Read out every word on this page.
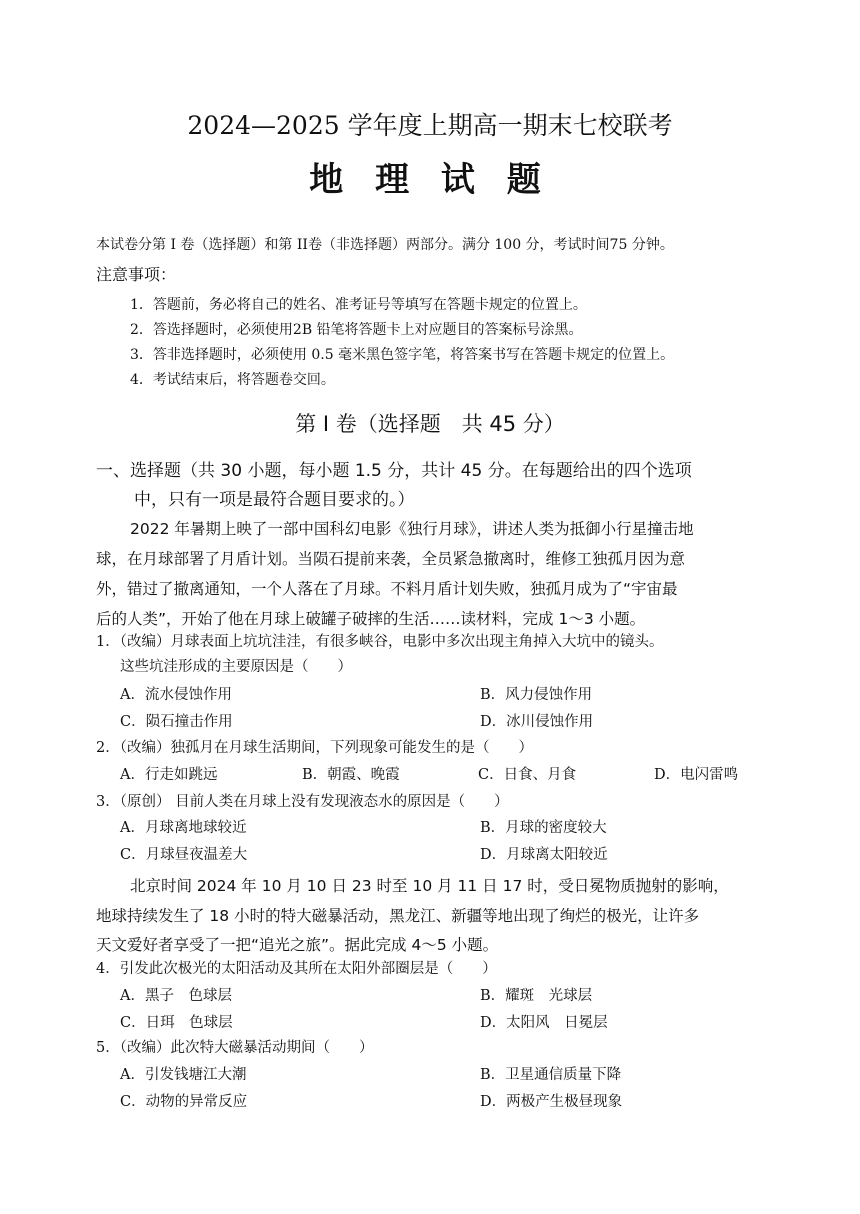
2024—2025 学年度上期高一期末七校联考
地 理 试 题
本试卷分第 I 卷（选择题）和第 II卷（非选择题）两部分。满分 100 分，考试时间75 分钟。
注意事项：
1．答题前，务必将自己的姓名、准考证号等填写在答题卡规定的位置上。
2．答选择题时，必须使用2B 铅笔将答题卡上对应题目的答案标号涂黑。
3．答非选择题时，必须使用 0.5 毫米黑色签字笔，将答案书写在答题卡规定的位置上。
4．考试结束后，将答题卷交回。
第 I 卷（选择题　共 45 分）
一、选择题（共 30 小题，每小题 1.5 分，共计 45 分。在每题给出的四个选项
中，只有一项是最符合题目要求的。）
2022 年暑期上映了一部中国科幻电影《独行月球》，讲述人类为抵御小行星撞击地
球，在月球部署了月盾计划。当陨石提前来袭，全员紧急撤离时，维修工独孤月因为意
外，错过了撤离通知，一个人落在了月球。不料月盾计划失败，独孤月成为了“宇宙最
后的人类”，开始了他在月球上破罐子破摔的生活……读材料，完成 1～3 小题。
1．（改编）月球表面上坑坑洼洼，有很多峡谷，电影中多次出现主角掉入大坑中的镜头。
这些坑洼形成的主要原因是（　　）
A．流水侵蚀作用	B．风力侵蚀作用
C．陨石撞击作用	D．冰川侵蚀作用
2．（改编）独孤月在月球生活期间，下列现象可能发生的是（　　）
A．行走如跳远	B．朝霞、晚霞	C．日食、月食	D．电闪雷鸣
3．（原创） 目前人类在月球上没有发现液态水的原因是（　　）
A．月球离地球较近	B．月球的密度较大
C．月球昼夜温差大	D．月球离太阳较近
北京时间 2024 年 10 月 10 日 23 时至 10 月 11 日 17 时，受日冕物质抛射的影响，
地球持续发生了 18 小时的特大磁暴活动，黑龙江、新疆等地出现了绚烂的极光，让许多
天文爱好者享受了一把“追光之旅”。据此完成 4～5 小题。
4．引发此次极光的太阳活动及其所在太阳外部圈层是（　　）
A．黑子　色球层	B．耀斑　光球层
C．日珥　色球层	D．太阳风　日冕层
5．（改编）此次特大磁暴活动期间（　　）
A．引发钱塘江大潮	B．卫星通信质量下降
C．动物的异常反应	D．两极产生极昼现象
